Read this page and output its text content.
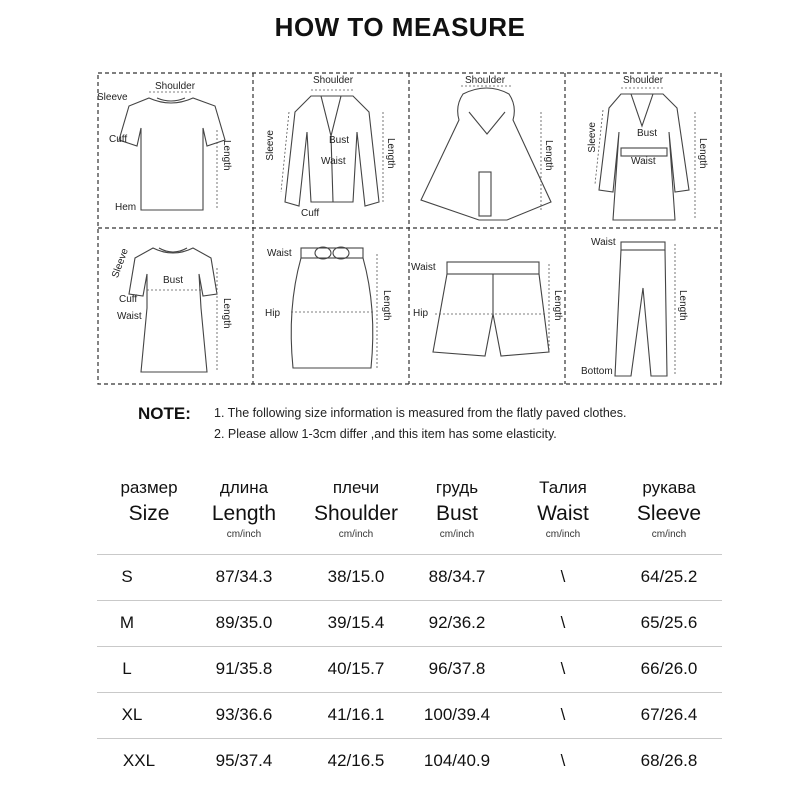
HOW TO MEASURE
Shoulder
Sleeve
Cuff
Hem
Length
Shoulder
Bust
Waist
Cuff
Sleeve	Length
Shoulder
Length
Shoulder
Bust
Waist
Sleeve
Length
Bust
Cuff
Waist
Sleeve
Length
Waist
Hip	Length
Waist
Hip	Length
Waist
Bottom
Length
NOTE: 1. The following size information is measured from the flatly paved clothes.
2. Please allow 1-3cm differ ,and this item has some elasticity.
размер
Size
длина
Length
cm/inch
плечи
Shoulder
cm/inch
грудь
Bust
cm/inch
Талия
Waist
cm/inch
рукава
Sleeve
cm/inch
S	87/34.3	38/15.0	88/34.7	\	64/25.2
M	89/35.0	39/15.4	92/36.2	\	65/25.6
L	91/35.8	40/15.7	96/37.8	\	66/26.0
XL	93/36.6	41/16.1	100/39.4	\	67/26.4
XXL	95/37.4	42/16.5	104/40.9	\	68/26.8
